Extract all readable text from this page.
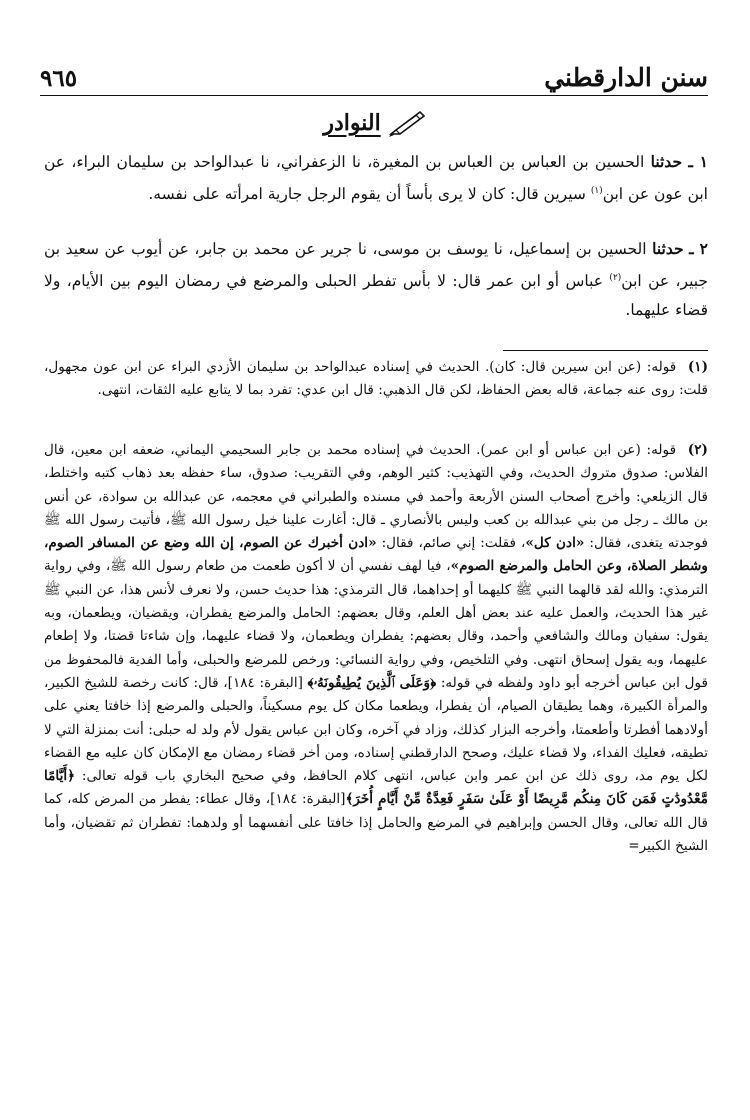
سنن الدارقطني
٩٦٥
النوادر
١ ـ حدثنا الحسين بن العباس بن العباس بن المغيرة، نا الزعفراني، نا عبدالواحد بن سليمان البراء، عن ابن عون عن ابن$^{(١)}$ سيرين قال: كان لا يرى بأساً أن يقوم الرجل جارية امرأته على نفسه.
٢ ـ حدثنا الحسين بن إسماعيل، نا يوسف بن موسى، نا جرير عن محمد بن جابر، عن أيوب عن سعيد بن جبير، عن ابن$^{(٢)}$ عباس أو ابن عمر قال: لا بأس تفطر الحبلى والمرضع في رمضان اليوم بين الأيام، ولا قضاء عليهما.
(١) قوله: (عن ابن سيرين قال: كان). الحديث في إسناده عبدالواحد بن سليمان الأزدي البراء عن ابن عون مجهول، قلت: روى عنه جماعة، قاله بعض الحفاظ، لكن قال الذهبي: قال ابن عدي: تفرد بما لا يتابع عليه الثقات، انتهى.
(٢) قوله: (عن ابن عباس أو ابن عمر). الحديث في إسناده محمد بن جابر السحيمي اليماني، ضعفه ابن معين، قال الفلاس: صدوق متروك الحديث، وفي التهذيب: كثير الوهم، وفي التقريب: صدوق، ساء حفظه بعد ذهاب كتبه واختلط، قال الزيلعي: وأخرج أصحاب السنن الأربعة وأحمد في مسنده والطبراني في معجمه، عن عبدالله بن سوادة، عن أنس بن مالك ـ رجل من بني عبدالله بن كعب وليس بالأنصاري ـ قال: أغارت علينا خيل رسول الله ﷺ، فأتيت رسول الله ﷺ فوجدته يتغدى، فقال: «ادن كل»، فقلت: إني صائم، فقال: «ادن أخبرك عن الصوم، إن الله وضع عن المسافر الصوم، وشطر الصلاة، وعن الحامل والمرضع الصوم»، فيا لهف نفسي أن لا أكون طعمت من طعام رسول الله ﷺ، وفي رواية الترمذي: والله لقد قالهما النبي ﷺ كليهما أو إحداهما، قال الترمذي: هذا حديث حسن، ولا نعرف لأنس هذا، عن النبي ﷺ غير هذا الحديث، والعمل عليه عند بعض أهل العلم، وقال بعضهم: الحامل والمرضع يفطران، ويقضيان، ويطعمان، وبه يقول: سفيان ومالك والشافعي وأحمد، وقال بعضهم: يفطران ويطعمان، ولا قضاء عليهما، وإن شاءتا قضتا، ولا إطعام عليهما، وبه يقول إسحاق انتهى. وفي التلخيص، وفي رواية النسائي: ورخص للمرضع والحبلى، وأما الفدية فالمحفوظ من قول ابن عباس أخرجه أبو داود ولفظه في قوله: ﴿وَعَلَى ٱلَّذِينَ يُطِيقُونَهُۥ﴾ [البقرة: ١٨٤]، قال: كانت رخصة للشيخ الكبير، والمرأة الكبيرة، وهما يطيقان الصيام، أن يفطرا، ويطعما مكان كل يوم مسكيناً، والحبلى والمرضع إذا خافتا يعني على أولادهما أفطرتا وأطعمتا، وأخرجه البزار كذلك، وزاد في آخره، وكان ابن عباس يقول لأم ولد له حبلى: أنت بمنزلة التي لا تطيقه، فعليك الفداء، ولا قضاء عليك، وصحح الدارقطني إسناده، ومن أخر قضاء رمضان مع الإمكان كان عليه مع القضاء لكل يوم مد، روى ذلك عن ابن عمر وابن عباس، انتهى كلام الحافظ، وفي صحيح البخاري باب قوله تعالى: ﴿أَيَّامًا مَّعْدُودَٰتٍ فَمَن كَانَ مِنكُم مَّرِيضًا أَوْ عَلَىٰ سَفَرٍ فَعِدَّةٌ مِّنْ أَيَّامٍ أُخَرَ﴾[البقرة: ١٨٤]، وقال عطاء: يفطر من المرض كله، كما قال الله تعالى، وقال الحسن وإبراهيم في المرضع والحامل إذا خافتا على أنفسهما أو ولدهما: تفطران ثم تقضيان، وأما الشيخ الكبير=
